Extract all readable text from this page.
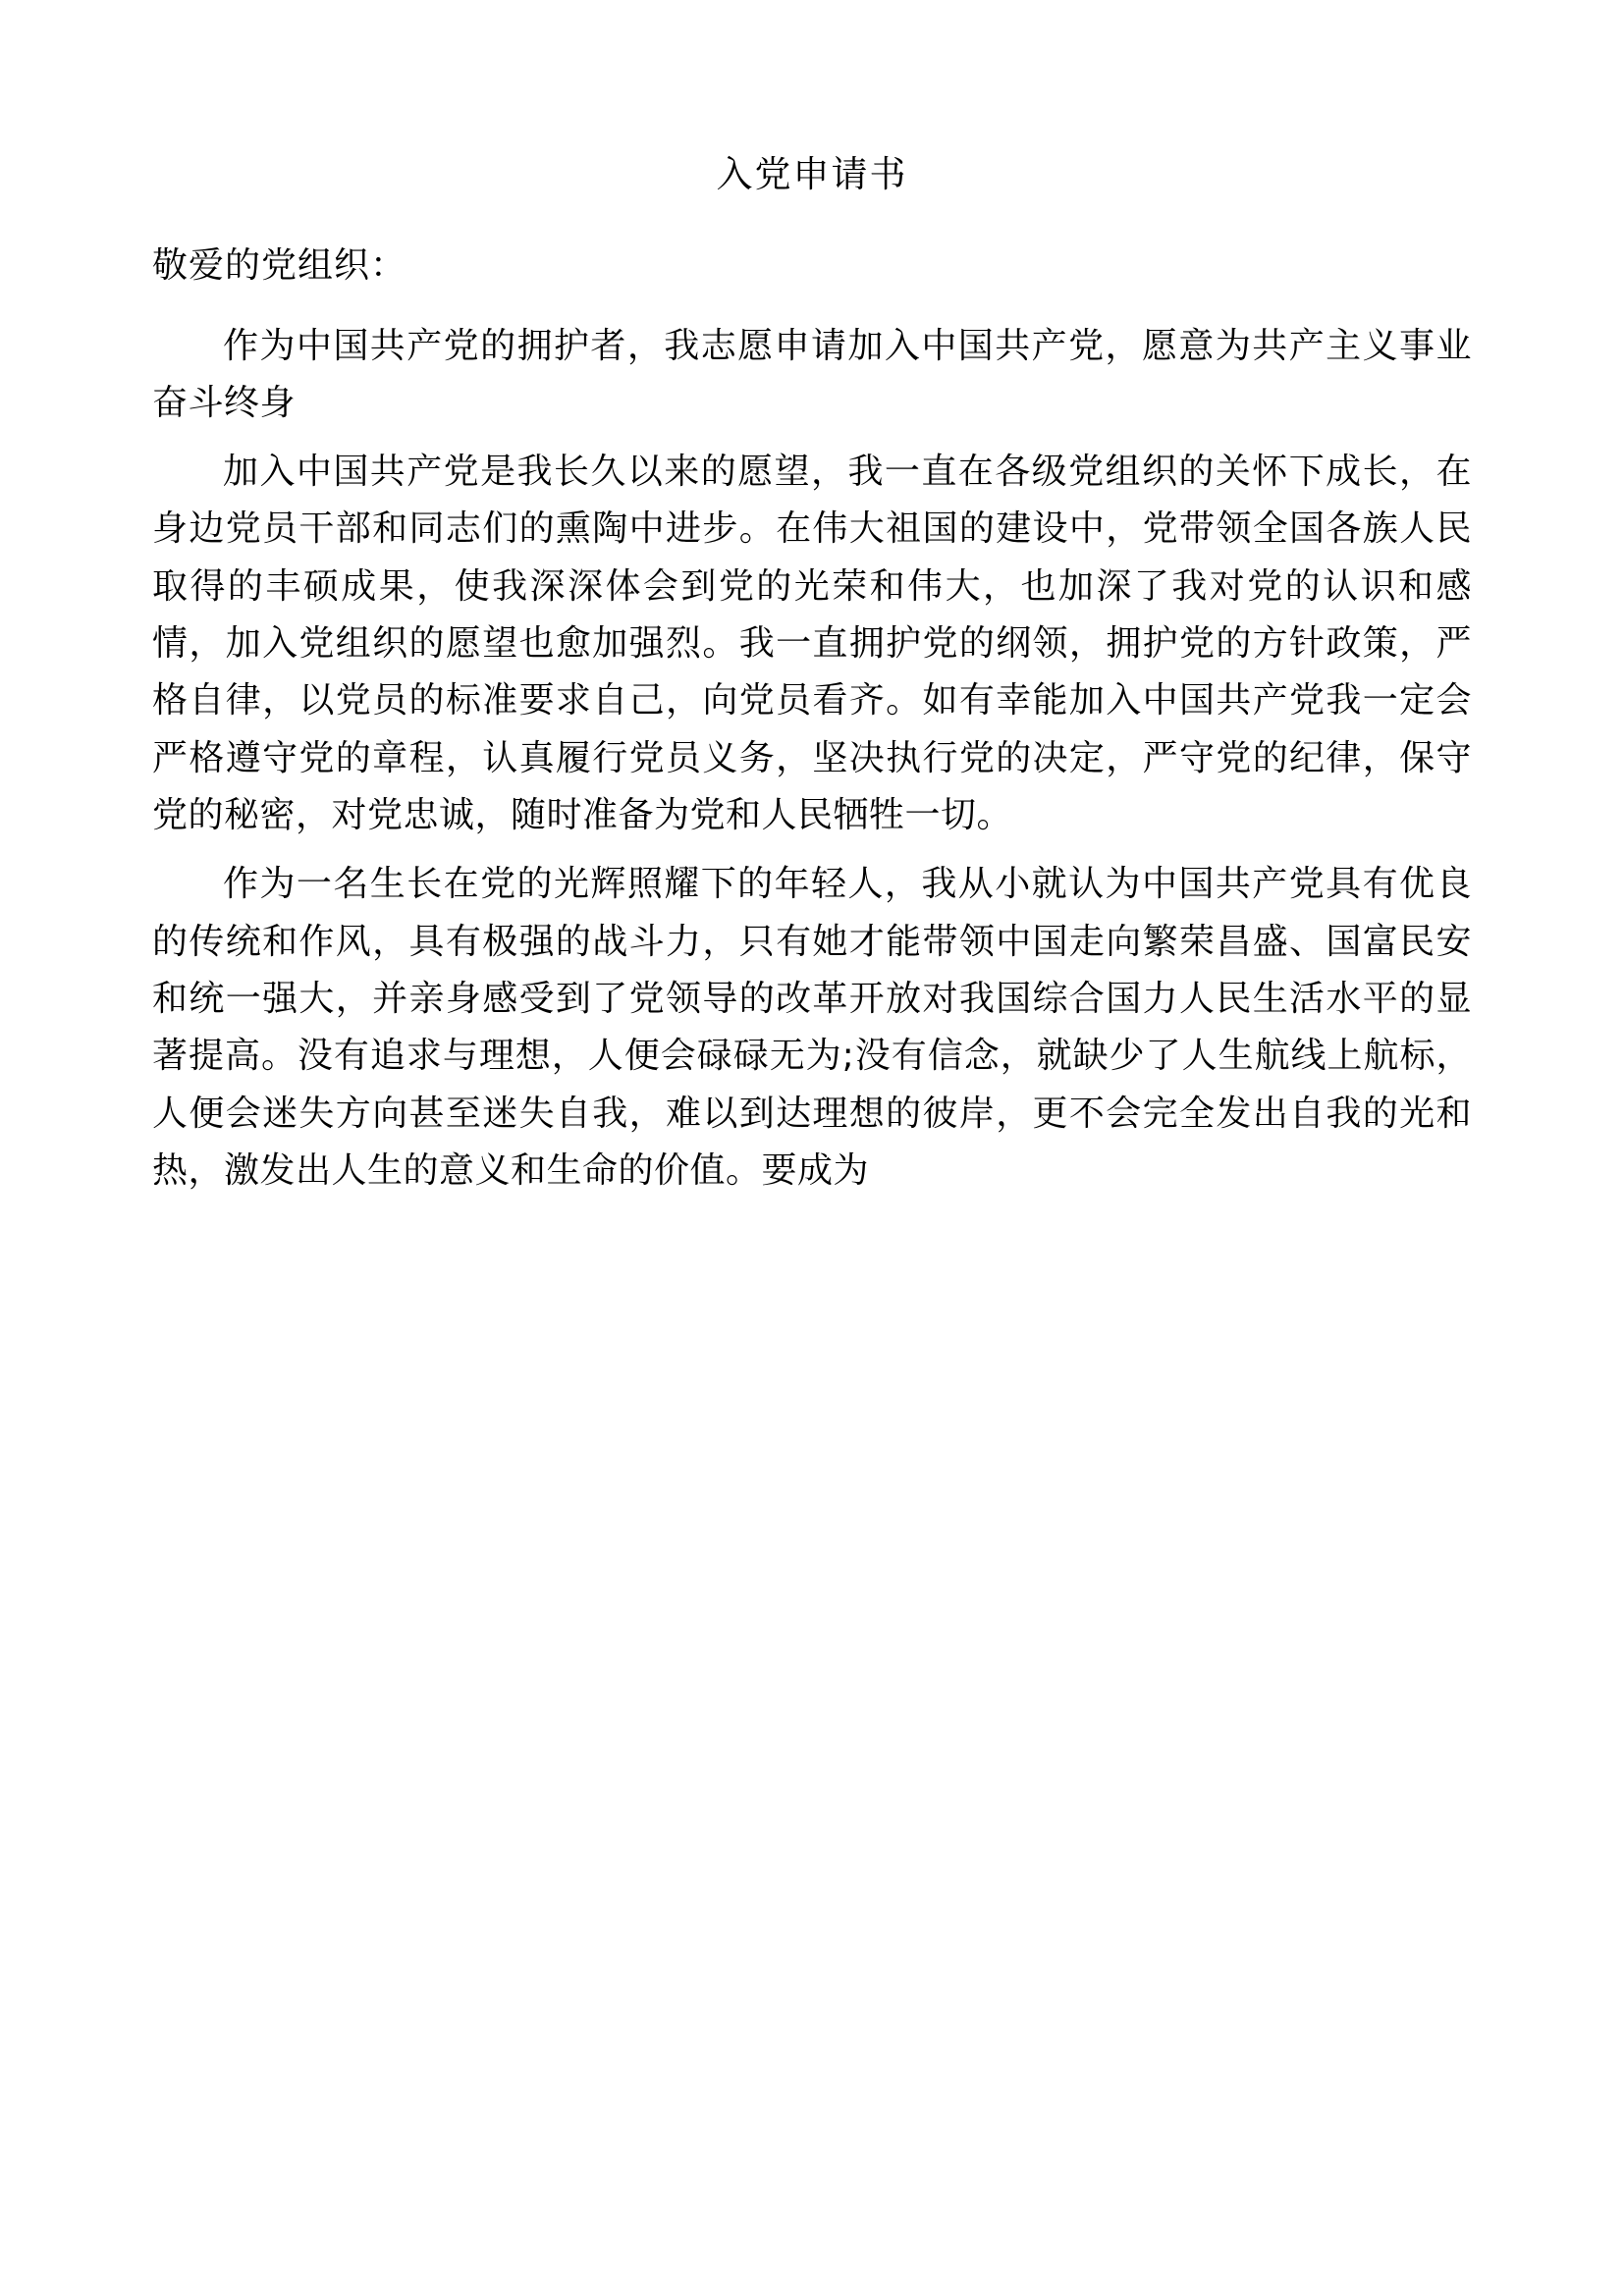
入党申请书
敬爱的党组织：

作为中国共产党的拥护者，我志愿申请加入中国共产党，愿意为共产主义事业奋斗终身

加入中国共产党是我长久以来的愿望，我一直在各级党组织的关怀下成长，在身边党员干部和同志们的熏陶中进步。在伟大祖国的建设中，党带领全国各族人民取得的丰硕成果，使我深深体会到党的光荣和伟大，也加深了我对党的认识和感情，加入党组织的愿望也愈加强烈。我一直拥护党的纲领，拥护党的方针政策，严格自律，以党员的标准要求自己，向党员看齐。如有幸能加入中国共产党我一定会严格遵守党的章程，认真履行党员义务，坚决执行党的决定，严守党的纪律，保守党的秘密，对党忠诚，随时准备为党和人民牺牲一切。

作为一名生长在党的光辉照耀下的年轻人，我从小就认为中国共产党具有优良的传统和作风，具有极强的战斗力，只有她才能带领中国走向繁荣昌盛、国富民安和统一强大，并亲身感受到了党领导的改革开放对我国综合国力人民生活水平的显著提高。没有追求与理想，人便会碌碌无为;没有信念，就缺少了人生航线上航标，人便会迷失方向甚至迷失自我，难以到达理想的彼岸，更不会完全发出自我的光和热，激发出人生的意义和生命的价值。要成为
